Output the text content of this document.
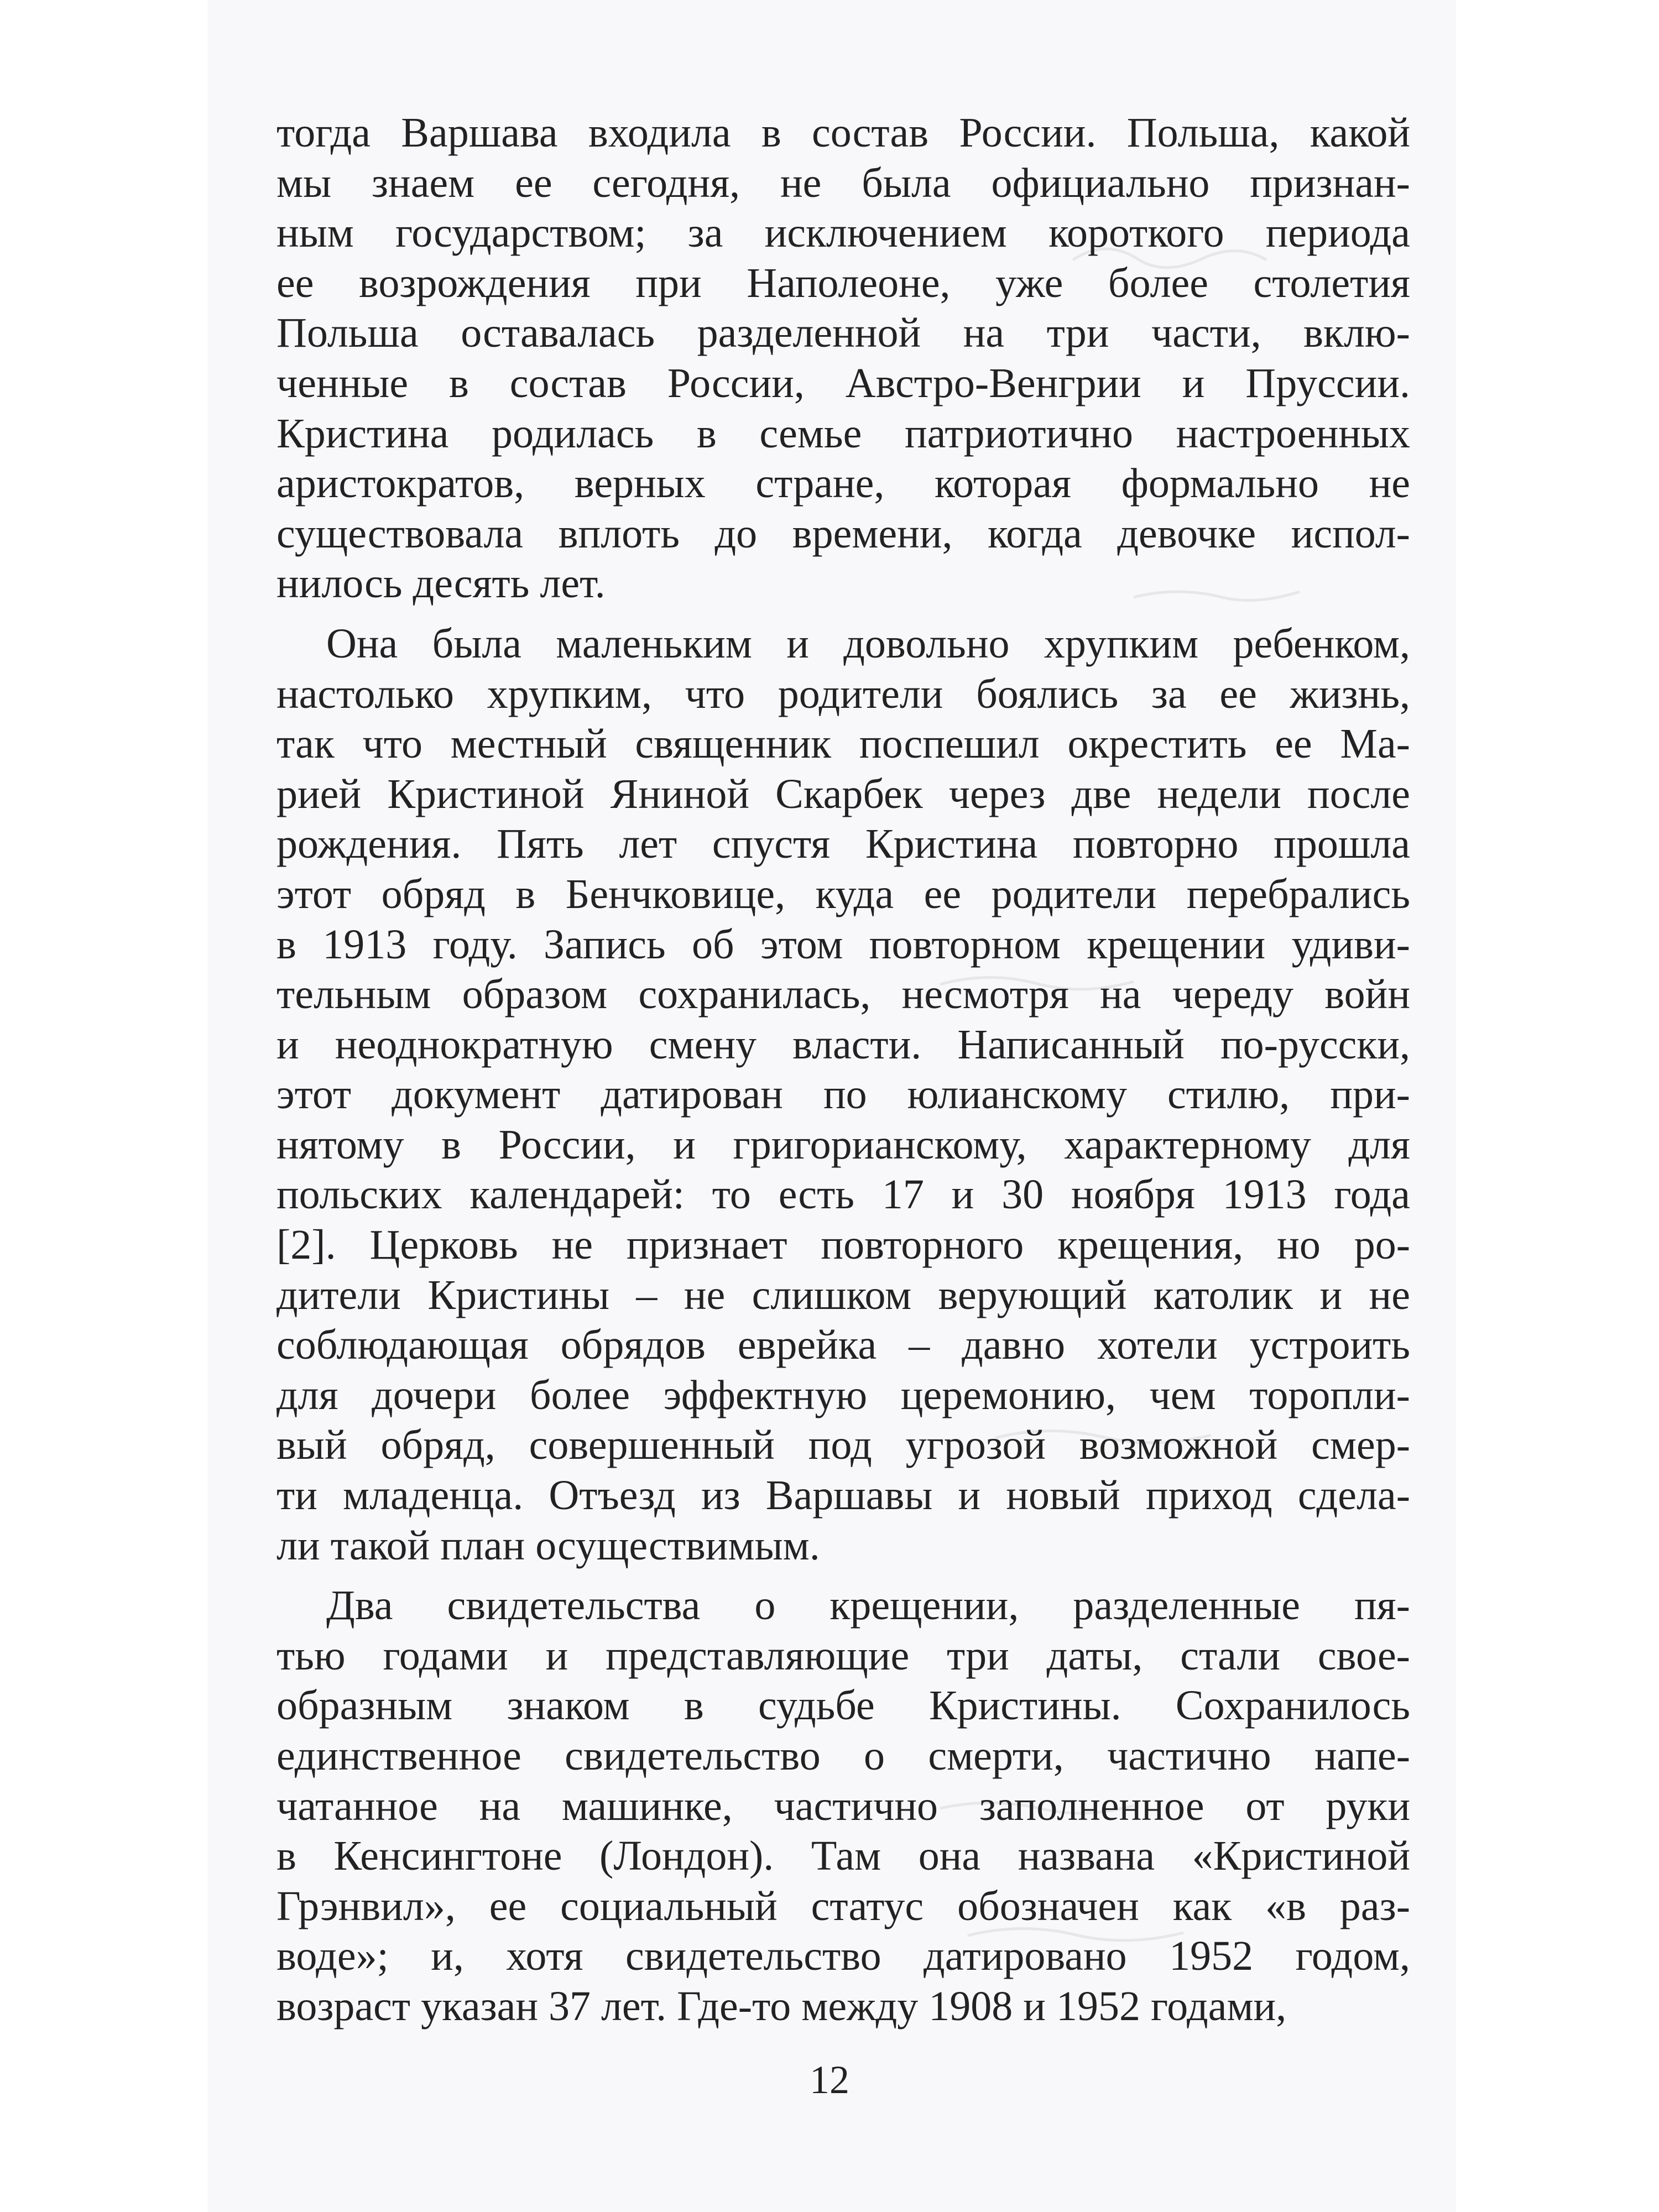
тогда Варшава входила в состав России. Польша, какой
мы знаем ее сегодня, не была официально признан-
ным государством; за исключением короткого периода
ее возрождения при Наполеоне, уже более столетия
Польша оставалась разделенной на три части, вклю-
ченные в состав России, Австро-Венгрии и Пруссии.
Кристина родилась в семье патриотично настроенных
аристократов, верных стране, которая формально не
существовала вплоть до времени, когда девочке испол-
нилось десять лет.
Она была маленьким и довольно хрупким ребенком,
настолько хрупким, что родители боялись за ее жизнь,
так что местный священник поспешил окрестить ее Ма-
рией Кристиной Яниной Скарбек через две недели после
рождения. Пять лет спустя Кристина повторно прошла
этот обряд в Бенчковице, куда ее родители перебрались
в 1913 году. Запись об этом повторном крещении удиви-
тельным образом сохранилась, несмотря на череду войн
и неоднократную смену власти. Написанный по-русски,
этот документ датирован по юлианскому стилю, при-
нятому в России, и григорианскому, характерному для
польских календарей: то есть 17 и 30 ноября 1913 года
[2]. Церковь не признает повторного крещения, но ро-
дители Кристины – не слишком верующий католик и не
соблюдающая обрядов еврейка – давно хотели устроить
для дочери более эффектную церемонию, чем торопли-
вый обряд, совершенный под угрозой возможной смер-
ти младенца. Отъезд из Варшавы и новый приход сдела-
ли такой план осуществимым.
Два свидетельства о крещении, разделенные пя-
тью годами и представляющие три даты, стали свое-
образным знаком в судьбе Кристины. Сохранилось
единственное свидетельство о смерти, частично напе-
чатанное на машинке, частично заполненное от руки
в Кенсингтоне (Лондон). Там она названа «Кристиной
Грэнвил», ее социальный статус обозначен как «в раз-
воде»; и, хотя свидетельство датировано 1952 годом,
возраст указан 37 лет. Где-то между 1908 и 1952 годами,
12
